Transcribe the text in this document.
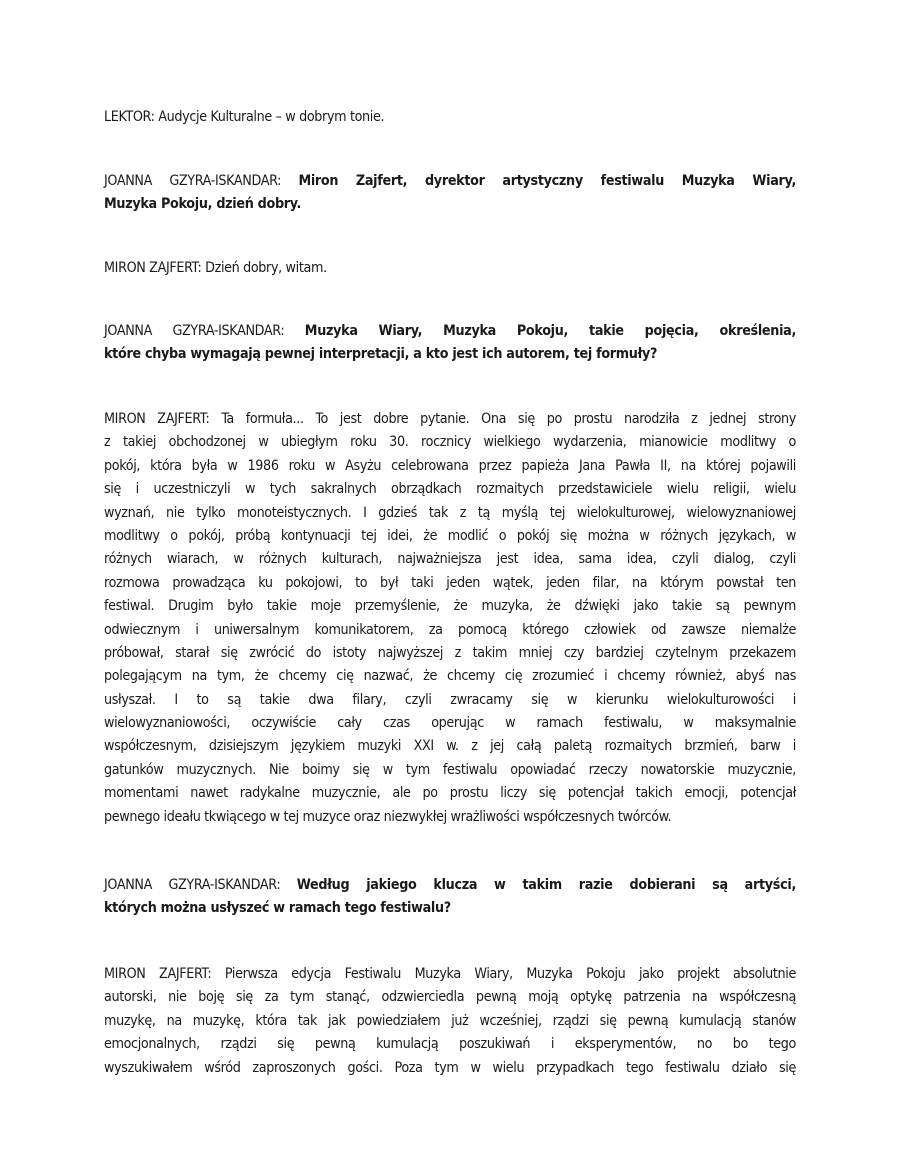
LEKTOR: Audycje Kulturalne – w dobrym tonie.
JOANNA GZYRA-ISKANDAR: Miron Zajfert, dyrektor artystyczny festiwalu Muzyka Wiary,
Muzyka Pokoju, dzień dobry.
MIRON ZAJFERT: Dzień dobry, witam.
JOANNA GZYRA-ISKANDAR: Muzyka Wiary, Muzyka Pokoju, takie pojęcia, określenia,
które chyba wymagają pewnej interpretacji, a kto jest ich autorem, tej formuły?
MIRON ZAJFERT: Ta formuła... To jest dobre pytanie. Ona się po prostu narodziła z jednej strony
z takiej obchodzonej w ubiegłym roku 30. rocznicy wielkiego wydarzenia, mianowicie modlitwy o
pokój, która była w 1986 roku w Asyżu celebrowana przez papieża Jana Pawła II, na której pojawili
się i uczestniczyli w tych sakralnych obrządkach rozmaitych przedstawiciele wielu religii, wielu
wyznań, nie tylko monoteistycznych. I gdzieś tak z tą myślą tej wielokulturowej, wielowyznaniowej
modlitwy o pokój, próbą kontynuacji tej idei, że modlić o pokój się można w różnych językach, w
różnych wiarach, w różnych kulturach, najważniejsza jest idea, sama idea, czyli dialog, czyli
rozmowa prowadząca ku pokojowi, to był taki jeden wątek, jeden filar, na którym powstał ten
festiwal. Drugim było takie moje przemyślenie, że muzyka, że dźwięki jako takie są pewnym
odwiecznym i uniwersalnym komunikatorem, za pomocą którego człowiek od zawsze niemalże
próbował, starał się zwrócić do istoty najwyższej z takim mniej czy bardziej czytelnym przekazem
polegającym na tym, że chcemy cię nazwać, że chcemy cię zrozumieć i chcemy również, abyś nas
usłyszał. I to są takie dwa filary, czyli zwracamy się w kierunku wielokulturowości i
wielowyznaniowości, oczywiście cały czas operując w ramach festiwalu, w maksymalnie
współczesnym, dzisiejszym językiem muzyki XXI w. z jej całą paletą rozmaitych brzmień, barw i
gatunków muzycznych. Nie boimy się w tym festiwalu opowiadać rzeczy nowatorskie muzycznie,
momentami nawet radykalne muzycznie, ale po prostu liczy się potencjał takich emocji, potencjał
pewnego ideału tkwiącego w tej muzyce oraz niezwykłej wrażliwości współczesnych twórców.
JOANNA GZYRA-ISKANDAR: Według jakiego klucza w takim razie dobierani są artyści,
których można usłyszeć w ramach tego festiwalu?
MIRON ZAJFERT: Pierwsza edycja Festiwalu Muzyka Wiary, Muzyka Pokoju jako projekt absolutnie
autorski, nie boję się za tym stanąć, odzwierciedla pewną moją optykę patrzenia na współczesną
muzykę, na muzykę, która tak jak powiedziałem już wcześniej, rządzi się pewną kumulacją stanów
emocjonalnych, rządzi się pewną kumulacją poszukiwań i eksperymentów, no bo tego
wyszukiwałem wśród zaproszonych gości. Poza tym w wielu przypadkach tego festiwalu działo się
